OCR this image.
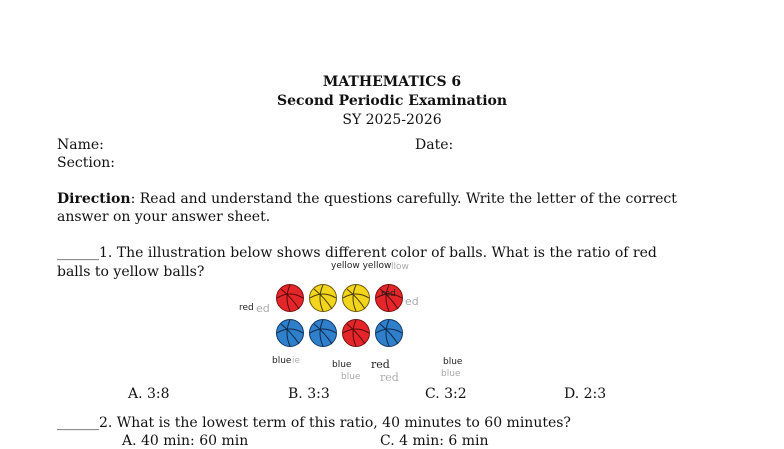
MATHEMATICS 6
Second Periodic Examination
SY 2025-2026
Name:	Date:
Section:
Direction: Read and understand the questions carefully. Write the letter of the correct
answer on your answer sheet.
______1. The illustration below shows different color of balls. What is the ratio of red
balls to yellow balls?	yellow yellow llow
red ed
ed
red
blue ie	blue
blue
red
red
blue
blue
A. 3:8	B. 3:3	C. 3:2	D. 2:3
______2. What is the lowest term of this ratio, 40 minutes to 60 minutes?
A. 40 min: 60 min	C. 4 min: 6 min
